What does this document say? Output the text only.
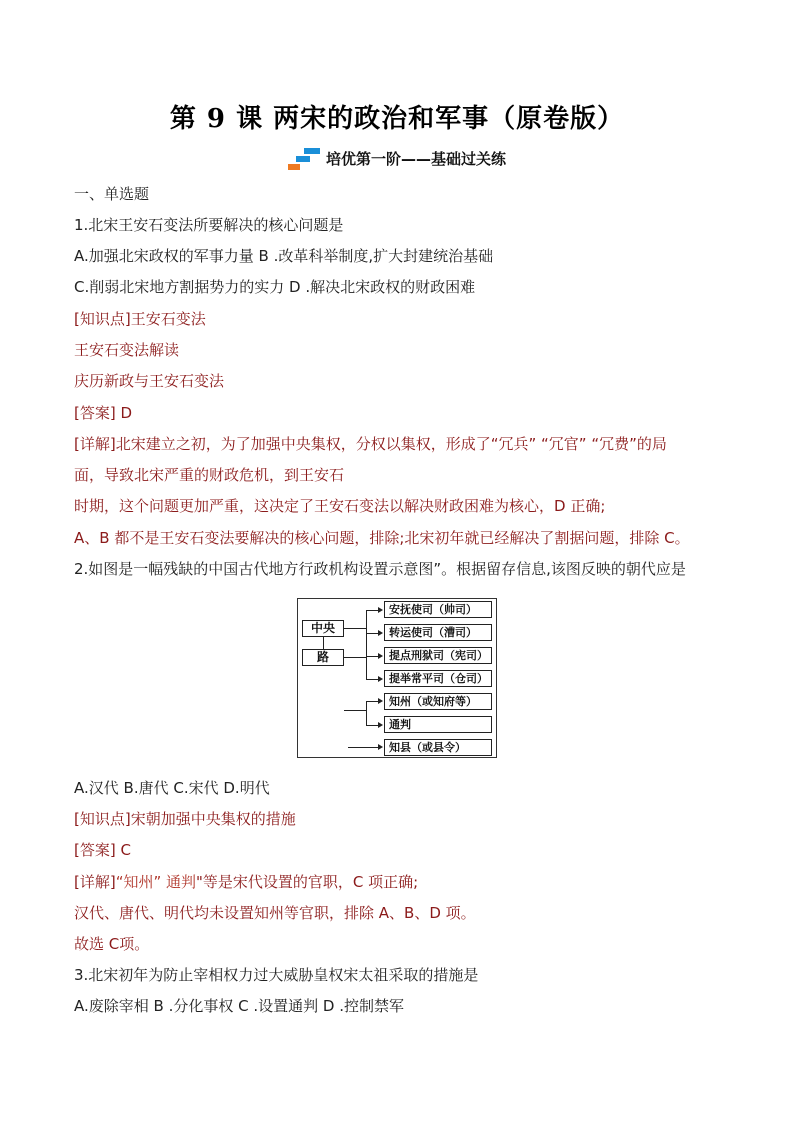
第 9 课 两宋的政治和军事（原卷版）
培优第一阶——基础过关练
一、单选题
1.北宋王安石变法所要解决的核心问题是
A.加强北宋政权的军事力量 B .改革科举制度,扩大封建统治基础
C.削弱北宋地方割据势力的实力 D .解决北宋政权的财政困难
[知识点]王安石变法
王安石变法解读
庆历新政与王安石变法
[答案] D
[详解]北宋建立之初，为了加强中央集权，分权以集权，形成了“冗兵” “冗官” “冗费”的局
面，导致北宋严重的财政危机，到王安石
时期，这个问题更加严重，这决定了王安石变法以解决财政困难为核心，D 正确;
A、B 都不是王安石变法要解决的核心问题，排除;北宋初年就已经解决了割据问题，排除 C。
2.如图是一幅残缺的中国古代地方行政机构设置示意图”。根据留存信息,该图反映的朝代应是
中央
路
安抚使司（帅司）
转运使司（漕司）
提点刑狱司（宪司）
提举常平司（仓司）
知州（或知府等）
通判
知县（或县令）
A.汉代 B.唐代 C.宋代 D.明代
[知识点]宋朝加强中央集权的措施
[答案] C
[详解]“知州” 通判"等是宋代设置的官职，C 项正确;
汉代、唐代、明代均未设置知州等官职，排除 A、B、D 项。
故选 C项。
3.北宋初年为防止宰相权力过大威胁皇权宋太祖采取的措施是
A.废除宰相 B .分化事权 C .设置通判 D .控制禁军
